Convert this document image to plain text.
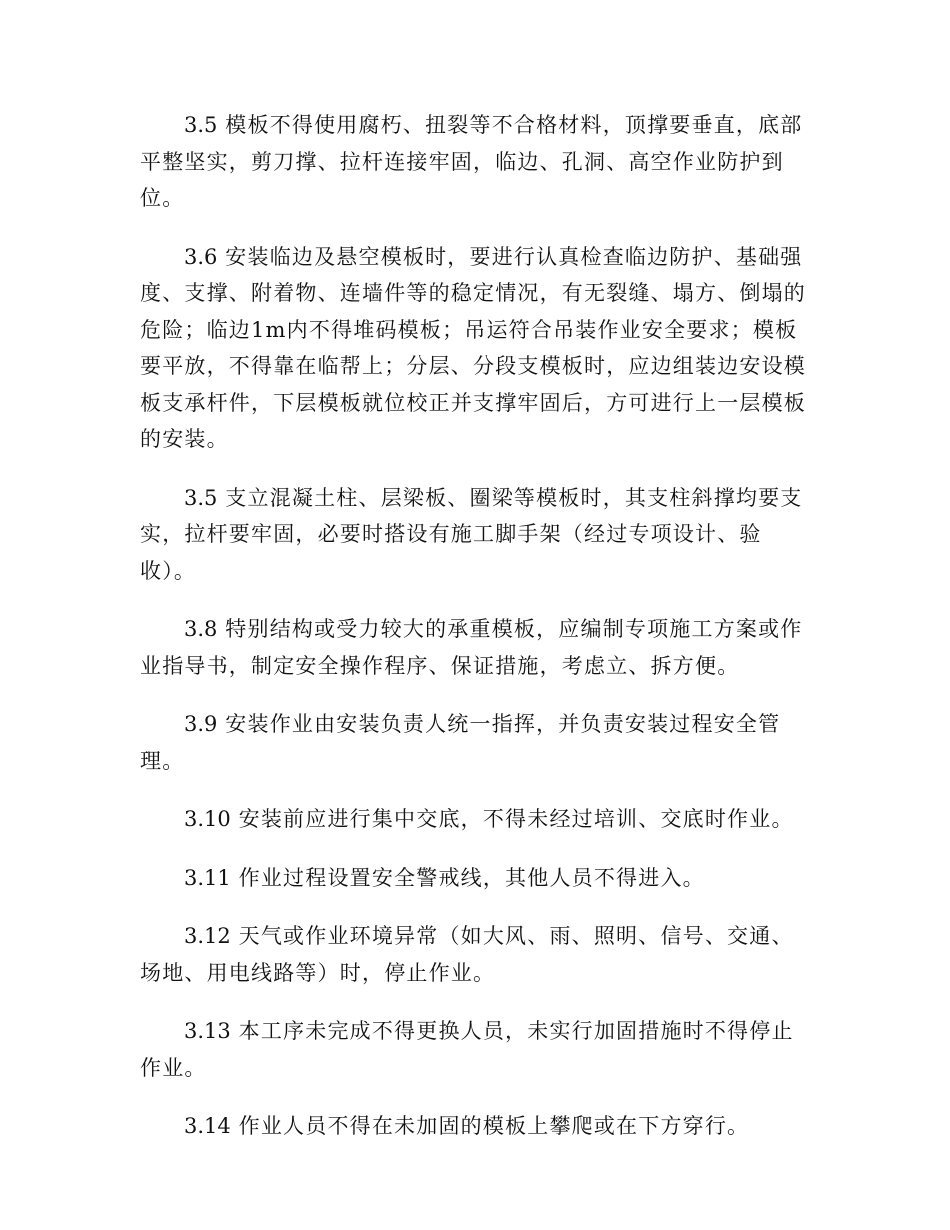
3.5 模板不得使用腐朽、扭裂等不合格材料，顶撑要垂直，底部平整坚实，剪刀撑、拉杆连接牢固，临边、孔洞、高空作业防护到位。

3.6 安装临边及悬空模板时，要进行认真检查临边防护、基础强度、支撑、附着物、连墙件等的稳定情况，有无裂缝、塌方、倒塌的危险；临边1m内不得堆码模板；吊运符合吊装作业安全要求；模板要平放，不得靠在临帮上；分层、分段支模板时，应边组装边安设模板支承杆件，下层模板就位校正并支撑牢固后，方可进行上一层模板的安装。

3.5 支立混凝土柱、层梁板、圈梁等模板时，其支柱斜撑均要支实，拉杆要牢固，必要时搭设有施工脚手架（经过专项设计、验收）。

3.8 特别结构或受力较大的承重模板，应编制专项施工方案或作业指导书，制定安全操作程序、保证措施，考虑立、拆方便。

3.9 安装作业由安装负责人统一指挥，并负责安装过程安全管理。

3.10 安装前应进行集中交底，不得未经过培训、交底时作业。

3.11 作业过程设置安全警戒线，其他人员不得进入。

3.12 天气或作业环境异常（如大风、雨、照明、信号、交通、场地、用电线路等）时，停止作业。

3.13 本工序未完成不得更换人员，未实行加固措施时不得停止作业。

3.14 作业人员不得在未加固的模板上攀爬或在下方穿行。
